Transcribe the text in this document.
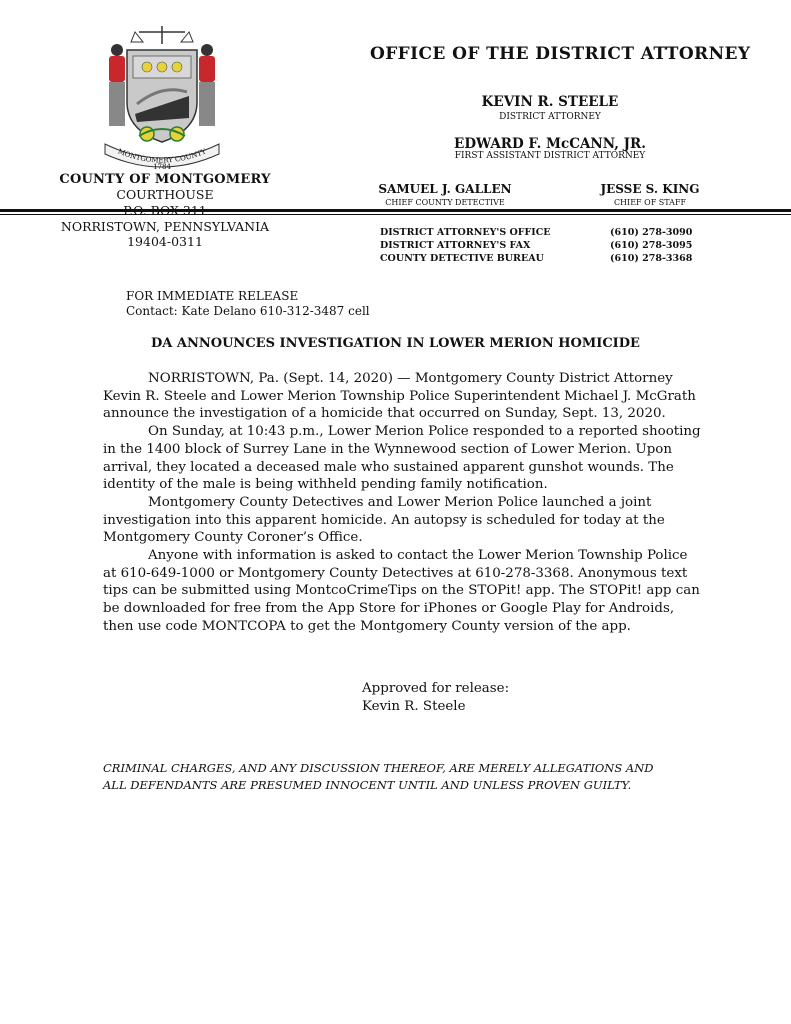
MONTGOMERY COUNTY
1784
COUNTY OF MONTGOMERY
COURTHOUSE
NORRISTOWN, PENNSYLVANIA
19404-0311
OFFICE OF THE DISTRICT ATTORNEY
KEVIN R. STEELE
DISTRICT ATTORNEY
EDWARD F. McCANN, JR.
FIRST ASSISTANT DISTRICT ATTORNEY
SAMUEL J. GALLEN
CHIEF COUNTY DETECTIVE
JESSE S. KING
CHIEF OF STAFF
DISTRICT ATTORNEY'S OFFICE	(610) 278-3090
DISTRICT ATTORNEY'S FAX	(610) 278-3095
COUNTY DETECTIVE BUREAU	(610) 278-3368
FOR IMMEDIATE RELEASE
Contact: Kate Delano 610-312-3487 cell
DA ANNOUNCES INVESTIGATION IN LOWER MERION HOMICIDE

NORRISTOWN, Pa. (Sept. 14, 2020) — Montgomery County District Attorney Kevin R. Steele and Lower Merion Township Police Superintendent Michael J. McGrath announce the investigation of a homicide that occurred on Sunday, Sept. 13, 2020.

On Sunday, at 10:43 p.m., Lower Merion Police responded to a reported shooting in the 1400 block of Surrey Lane in the Wynnewood section of Lower Merion. Upon arrival, they located a deceased male who sustained apparent gunshot wounds. The identity of the male is being withheld pending family notification.

Montgomery County Detectives and Lower Merion Police launched a joint investigation into this apparent homicide. An autopsy is scheduled for today at the Montgomery County Coroner’s Office.

Anyone with information is asked to contact the Lower Merion Township Police at 610-649-1000 or Montgomery County Detectives at 610-278-3368. Anonymous text tips can be submitted using MontcoCrimeTips on the STOPit! app. The STOPit! app can be downloaded for free from the App Store for iPhones or Google Play for Androids, then use code MONTCOPA to get the Montgomery County version of the app.

Approved for release:
Kevin R. Steele
CRIMINAL CHARGES, AND ANY DISCUSSION THEREOF, ARE MERELY ALLEGATIONS AND
ALL DEFENDANTS ARE PRESUMED INNOCENT UNTIL AND UNLESS PROVEN GUILTY.
